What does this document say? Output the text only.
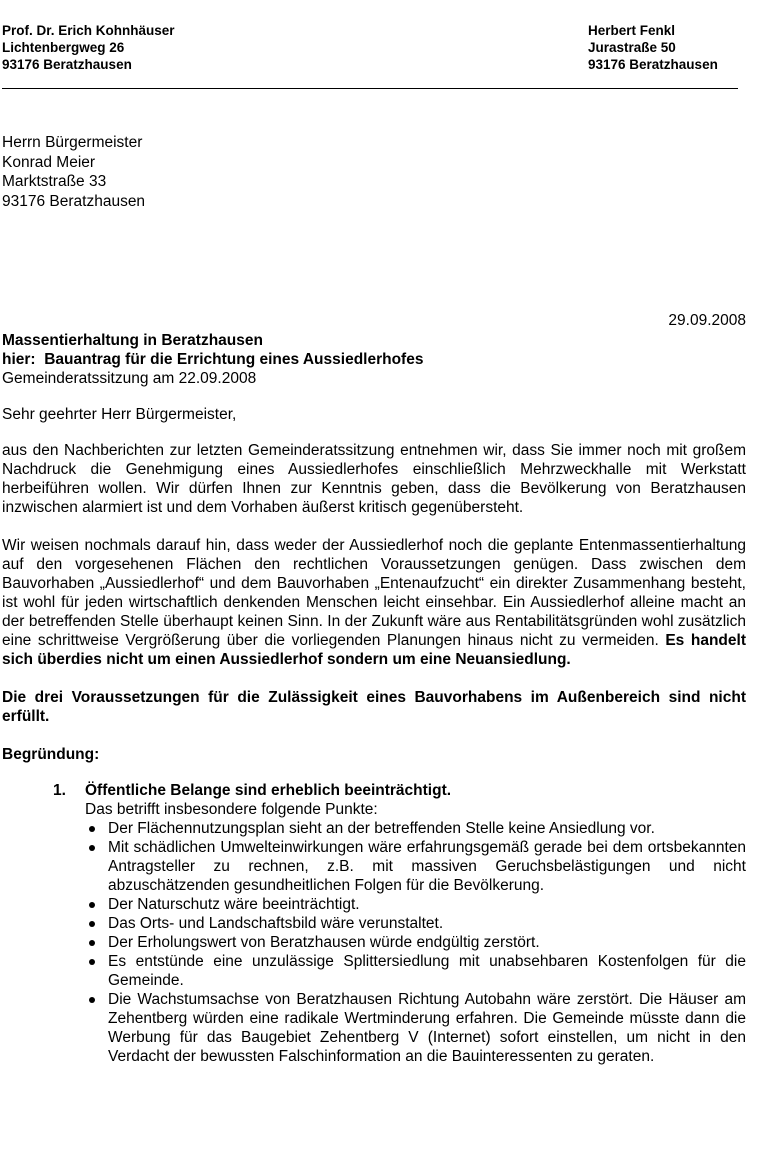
Prof. Dr. Erich Kohnhäuser
Lichtenbergweg 26
93176 Beratzhausen
Herbert Fenkl
Jurastraße 50
93176 Beratzhausen
Herrn Bürgermeister
Konrad Meier
Marktstraße 33
93176 Beratzhausen
29.09.2008
Massentierhaltung in Beratzhausen
hier:  Bauantrag für die Errichtung eines Aussiedlerhofes
Gemeinderatssitzung am 22.09.2008

Sehr geehrter Herr Bürgermeister,

aus den Nachberichten zur letzten Gemeinderatssitzung entnehmen wir, dass Sie immer noch mit großem Nachdruck die Genehmigung eines Aussiedlerhofes einschließlich Mehrzweckhalle mit Werkstatt herbeiführen wollen. Wir dürfen Ihnen zur Kenntnis geben, dass die Bevölkerung von Beratzhausen inzwischen alarmiert ist und dem Vorhaben äußerst kritisch gegenübersteht.

Wir weisen nochmals darauf hin, dass weder der Aussiedlerhof noch die geplante Entenmassentierhaltung auf den vorgesehenen Flächen den rechtlichen Voraussetzungen genügen. Dass zwischen dem Bauvorhaben „Aussiedlerhof“ und dem Bauvorhaben „Entenaufzucht“ ein direkter Zusammenhang besteht, ist wohl für jeden wirtschaftlich denkenden Menschen leicht einsehbar. Ein Aussiedlerhof alleine macht an der betreffenden Stelle überhaupt keinen Sinn. In der Zukunft wäre aus Rentabilitätsgründen wohl zusätzlich eine schrittweise Vergrößerung über die vorliegenden Planungen hinaus nicht zu vermeiden. Es handelt sich überdies nicht um einen Aussiedlerhof sondern um eine Neuansiedlung.

Die drei Voraussetzungen für die Zulässigkeit eines Bauvorhabens im Außenbereich sind nicht erfüllt.

Begründung:

1. Öffentliche Belange sind erheblich beeinträchtigt.
Das betrifft insbesondere folgende Punkte:
Der Flächennutzungsplan sieht an der betreffenden Stelle keine Ansiedlung vor.
Mit schädlichen Umwelteinwirkungen wäre erfahrungsgemäß gerade bei dem ortsbekannten Antragsteller zu rechnen, z.B. mit massiven Geruchsbelästigungen und nicht abzuschätzenden gesundheitlichen Folgen für die Bevölkerung.
Der Naturschutz wäre beeinträchtigt.
Das Orts- und Landschaftsbild wäre verunstaltet.
Der Erholungswert von Beratzhausen würde endgültig zerstört.
Es entstünde eine unzulässige Splittersiedlung mit unabsehbaren Kostenfolgen für die Gemeinde.
Die Wachstumsachse von Beratzhausen Richtung Autobahn wäre zerstört. Die Häuser am Zehentberg würden eine radikale Wertminderung erfahren. Die Gemeinde müsste dann die Werbung für das Baugebiet Zehentberg V (Internet) sofort einstellen, um nicht in den Verdacht der bewussten Falschinformation an die Bauinteressenten zu geraten.
